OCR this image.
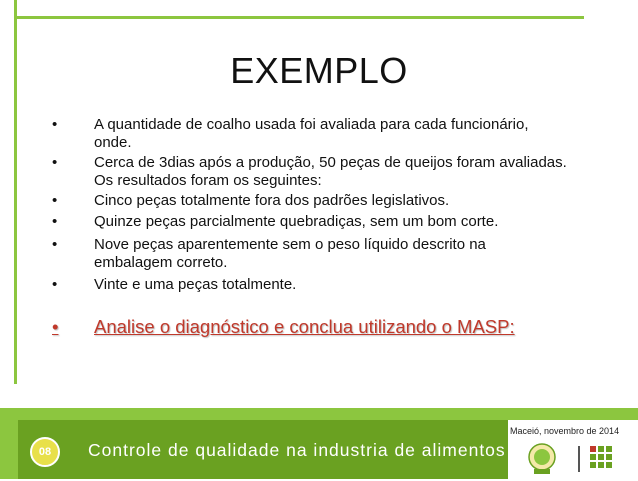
EXEMPLO
• A quantidade de coalho usada foi avaliada para cada funcionário,
onde.
• Cerca de 3dias após a produção, 50 peças de queijos foram avaliadas.
Os resultados foram os seguintes:
• Cinco peças totalmente fora dos padrões legislativos.
• Quinze peças parcialmente quebradiças, sem um bom corte.
• Nove peças aparentemente sem o peso líquido descrito na
embalagem correto.
• Vinte e uma peças totalmente.
• Analise o diagnóstico e conclua utilizando o MASP:
08	Controle de qualidade na industria de alimentos
Maceió, novembro de 2014
